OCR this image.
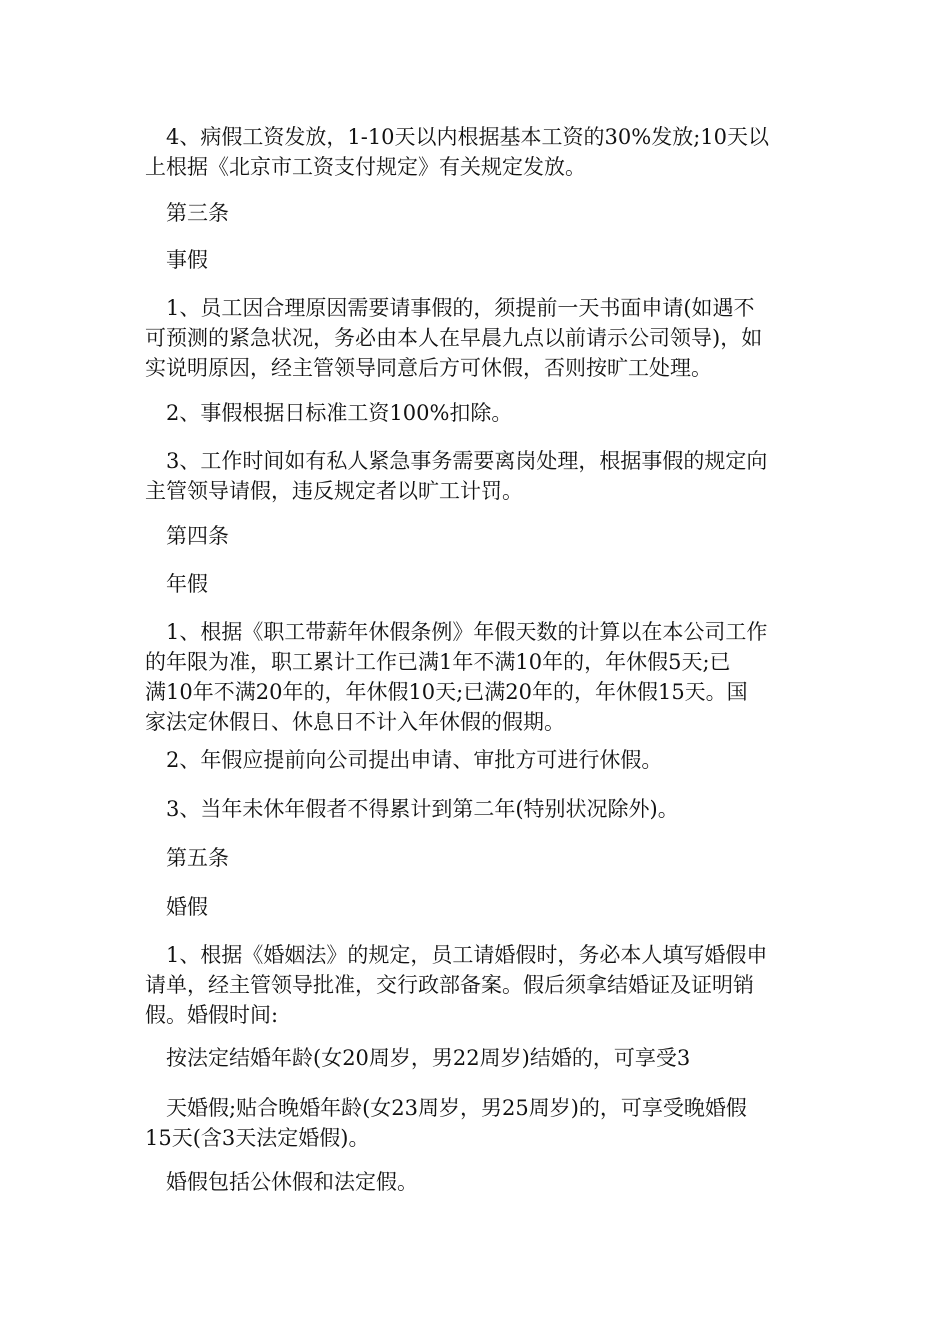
　4、病假工资发放，1-10天以内根据基本工资的30%发放;10天以
上根据《北京市工资支付规定》有关规定发放。

　第三条

　事假

　1、员工因合理原因需要请事假的，须提前一天书面申请(如遇不
可预测的紧急状况，务必由本人在早晨九点以前请示公司领导)，如
实说明原因，经主管领导同意后方可休假，否则按旷工处理。

　2、事假根据日标准工资100%扣除。

　3、工作时间如有私人紧急事务需要离岗处理，根据事假的规定向
主管领导请假，违反规定者以旷工计罚。

　第四条

　年假

　1、根据《职工带薪年休假条例》年假天数的计算以在本公司工作
的年限为准，职工累计工作已满1年不满10年的，年休假5天;已
满10年不满20年的，年休假10天;已满20年的，年休假15天。国
家法定休假日、休息日不计入年休假的假期。

　2、年假应提前向公司提出申请、审批方可进行休假。

　3、当年未休年假者不得累计到第二年(特别状况除外)。

　第五条

　婚假

　1、根据《婚姻法》的规定，员工请婚假时，务必本人填写婚假申
请单，经主管领导批准，交行政部备案。假后须拿结婚证及证明销
假。婚假时间:

　按法定结婚年龄(女20周岁，男22周岁)结婚的，可享受3

　天婚假;贴合晚婚年龄(女23周岁，男25周岁)的，可享受晚婚假
15天(含3天法定婚假)。

　婚假包括公休假和法定假。
